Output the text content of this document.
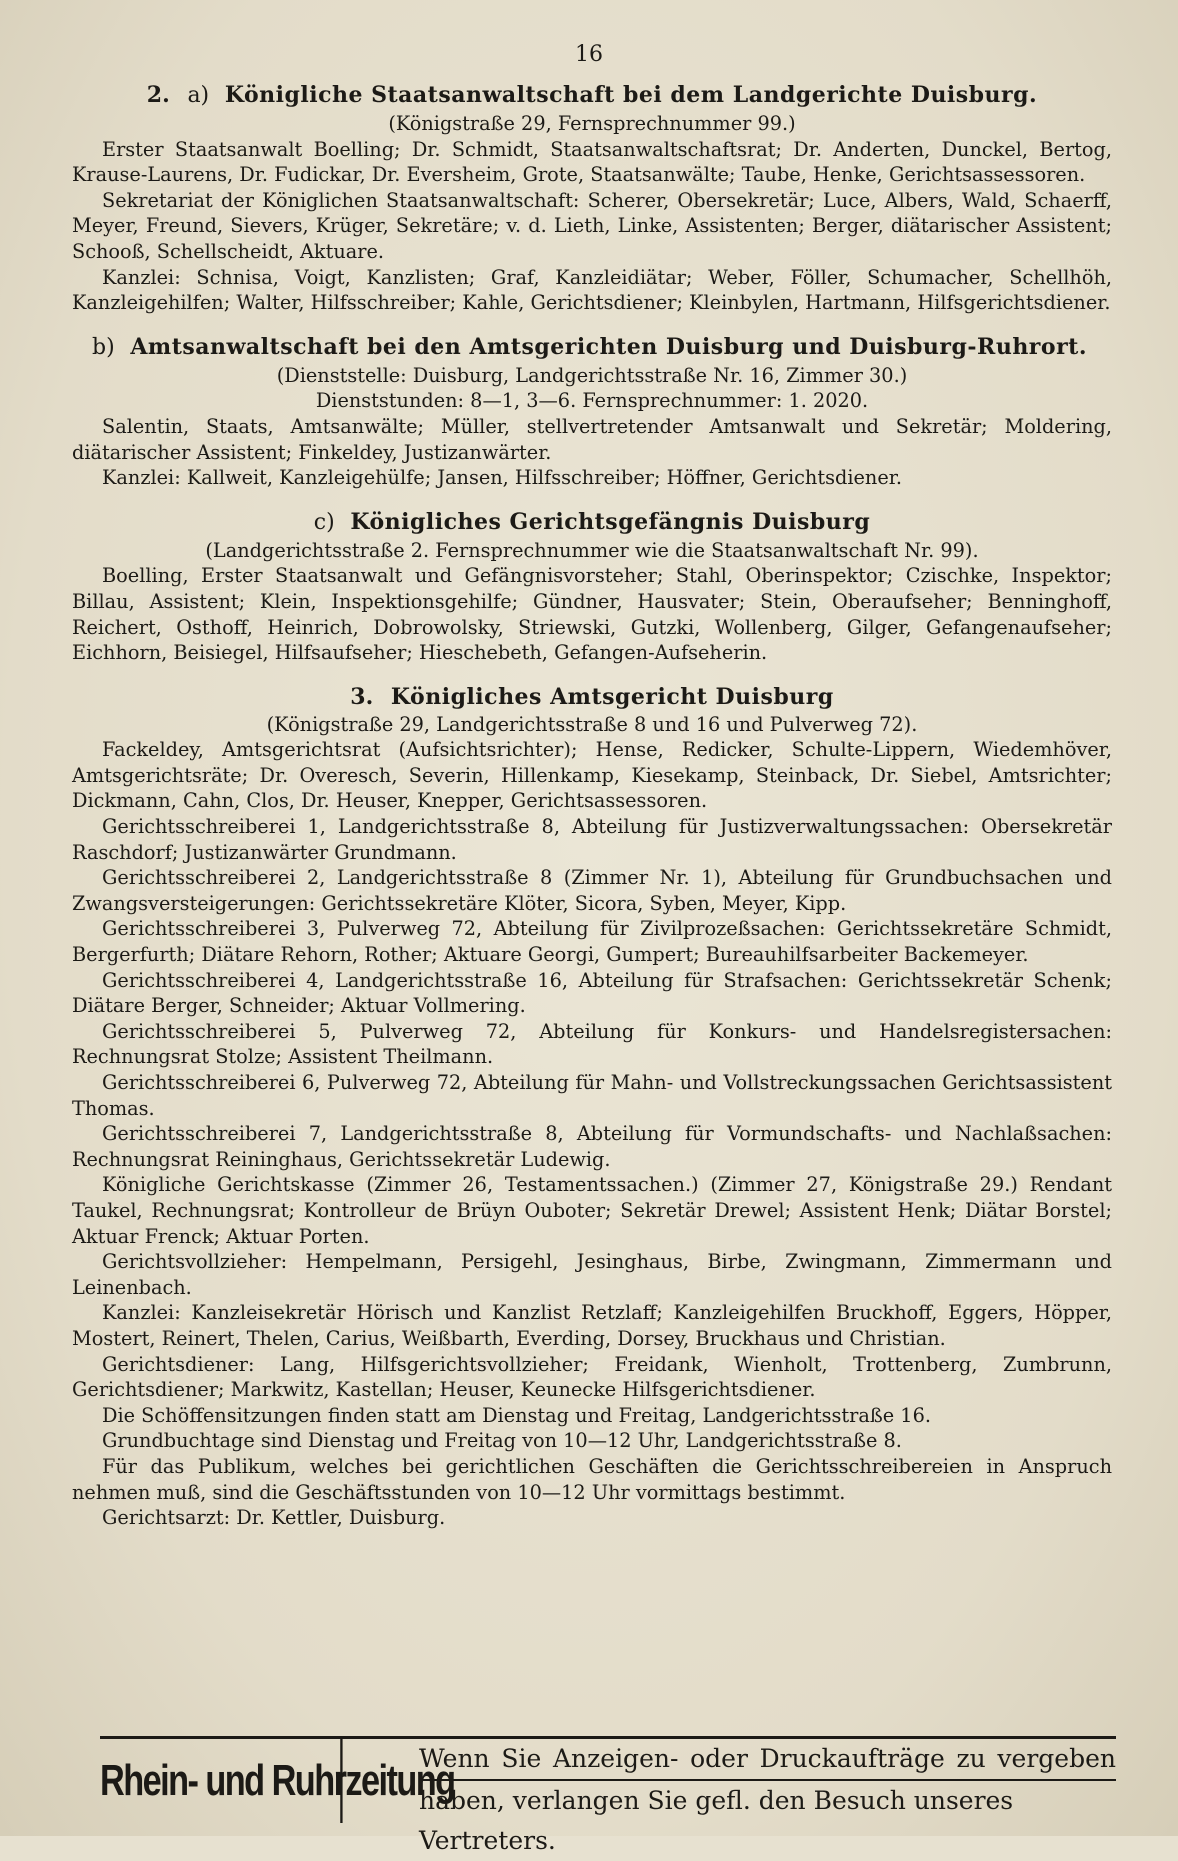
16
2. a) Königliche Staatsanwaltschaft bei dem Landgerichte Duisburg.
(Königstraße 29, Fernsprechnummer 99.)

Erster Staatsanwalt Boelling; Dr. Schmidt, Staatsanwaltschaftsrat; Dr. Anderten, Dunckel, Bertog, Krause-Laurens, Dr. Fudickar, Dr. Eversheim, Grote, Staatsanwälte; Taube, Henke, Gerichtsassessoren.

Sekretariat der Königlichen Staatsanwaltschaft: Scherer, Obersekretär; Luce, Albers, Wald, Schaerff, Meyer, Freund, Sievers, Krüger, Sekretäre; v. d. Lieth, Linke, Assistenten; Berger, diätarischer Assistent; Schooß, Schellscheidt, Aktuare.

Kanzlei: Schnisa, Voigt, Kanzlisten; Graf, Kanzleidiätar; Weber, Föller, Schumacher, Schellhöh, Kanzleigehilfen; Walter, Hilfsschreiber; Kahle, Gerichtsdiener; Kleinbylen, Hartmann, Hilfsgerichtsdiener.

b) Amtsanwaltschaft bei den Amtsgerichten Duisburg und Duisburg-Ruhrort.
(Dienststelle: Duisburg, Landgerichtsstraße Nr. 16, Zimmer 30.)
Dienststunden: 8—1, 3—6. Fernsprechnummer: 1. 2020.

Salentin, Staats, Amtsanwälte; Müller, stellvertretender Amtsanwalt und Sekretär; Moldering, diätarischer Assistent; Finkeldey, Justizanwärter.

Kanzlei: Kallweit, Kanzleigehülfe; Jansen, Hilfsschreiber; Höffner, Gerichtsdiener.

c) Königliches Gerichtsgefängnis Duisburg
(Landgerichtsstraße 2. Fernsprechnummer wie die Staatsanwaltschaft Nr. 99).

Boelling, Erster Staatsanwalt und Gefängnisvorsteher; Stahl, Oberinspektor; Czischke, Inspektor; Billau, Assistent; Klein, Inspektionsgehilfe; Gündner, Hausvater; Stein, Oberaufseher; Benninghoff, Reichert, Osthoff, Heinrich, Dobrowolsky, Striewski, Gutzki, Wollenberg, Gilger, Gefangenaufseher; Eichhorn, Beisiegel, Hilfsaufseher; Hieschebeth, Gefangen-Aufseherin.

3. Königliches Amtsgericht Duisburg
(Königstraße 29, Landgerichtsstraße 8 und 16 und Pulverweg 72).

Fackeldey, Amtsgerichtsrat (Aufsichtsrichter); Hense, Redicker, Schulte-Lippern, Wiedemhöver, Amtsgerichtsräte; Dr. Overesch, Severin, Hillenkamp, Kiesekamp, Steinback, Dr. Siebel, Amtsrichter; Dickmann, Cahn, Clos, Dr. Heuser, Knepper, Gerichtsassessoren.

Gerichtsschreiberei 1, Landgerichtsstraße 8, Abteilung für Justizverwaltungssachen: Obersekretär Raschdorf; Justizanwärter Grundmann.

Gerichtsschreiberei 2, Landgerichtsstraße 8 (Zimmer Nr. 1), Abteilung für Grundbuchsachen und Zwangsversteigerungen: Gerichtssekretäre Klöter, Sicora, Syben, Meyer, Kipp.

Gerichtsschreiberei 3, Pulverweg 72, Abteilung für Zivilprozeßsachen: Gerichtssekretäre Schmidt, Bergerfurth; Diätare Rehorn, Rother; Aktuare Georgi, Gumpert; Bureauhilfsarbeiter Backemeyer.

Gerichtsschreiberei 4, Landgerichtsstraße 16, Abteilung für Strafsachen: Gerichtssekretär Schenk; Diätare Berger, Schneider; Aktuar Vollmering.

Gerichtsschreiberei 5, Pulverweg 72, Abteilung für Konkurs- und Handelsregistersachen: Rechnungsrat Stolze; Assistent Theilmann.

Gerichtsschreiberei 6, Pulverweg 72, Abteilung für Mahn- und Vollstreckungssachen Gerichtsassistent Thomas.

Gerichtsschreiberei 7, Landgerichtsstraße 8, Abteilung für Vormundschafts- und Nachlaßsachen: Rechnungsrat Reininghaus, Gerichtssekretär Ludewig.

Königliche Gerichtskasse (Zimmer 26, Testamentssachen.) (Zimmer 27, Königstraße 29.) Rendant Taukel, Rechnungsrat; Kontrolleur de Brüyn Ouboter; Sekretär Drewel; Assistent Henk; Diätar Borstel; Aktuar Frenck; Aktuar Porten.

Gerichtsvollzieher: Hempelmann, Persigehl, Jesinghaus, Birbe, Zwingmann, Zimmermann und Leinenbach.

Kanzlei: Kanzleisekretär Hörisch und Kanzlist Retzlaff; Kanzleigehilfen Bruckhoff, Eggers, Höpper, Mostert, Reinert, Thelen, Carius, Weißbarth, Everding, Dorsey, Bruckhaus und Christian.

Gerichtsdiener: Lang, Hilfsgerichtsvollzieher; Freidank, Wienholt, Trottenberg, Zumbrunn, Gerichtsdiener; Markwitz, Kastellan; Heuser, Keunecke Hilfsgerichtsdiener.

Die Schöffensitzungen finden statt am Dienstag und Freitag, Landgerichtsstraße 16.

Grundbuchtage sind Dienstag und Freitag von 10—12 Uhr, Landgerichtsstraße 8.

Für das Publikum, welches bei gerichtlichen Geschäften die Gerichtsschreibereien in Anspruch nehmen muß, sind die Geschäftsstunden von 10—12 Uhr vormittags bestimmt.

Gerichtsarzt: Dr. Kettler, Duisburg.

Rhein- und Ruhrzeitung
Wenn Sie Anzeigen- oder Druckaufträge zu vergeben
haben, verlangen Sie gefl. den Besuch unseres Vertreters.
